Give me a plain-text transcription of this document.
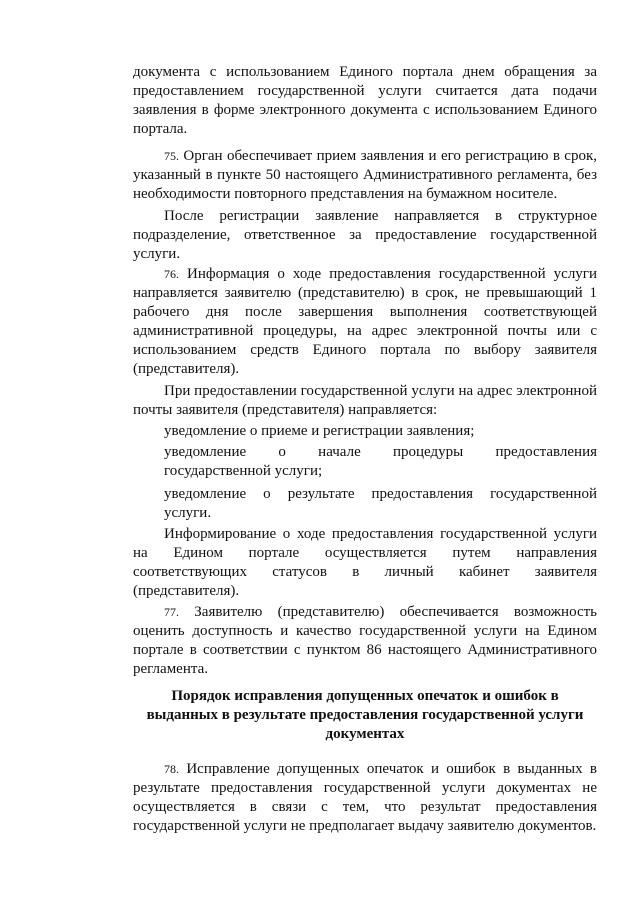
документа с использованием Единого портала днем обращения за
предоставлением государственной услуги считается дата подачи
заявления в форме электронного документа с использованием Единого
портала.
75. Орган обеспечивает прием заявления и его регистрацию в срок,
указанный в пункте 50 настоящего Административного регламента, без
необходимости повторного представления на бумажном носителе.
После регистрации заявление направляется в структурное
подразделение, ответственное за предоставление государственной
услуги.
76. Информация о ходе предоставления государственной услуги
направляется заявителю (представителю) в срок, не превышающий 1
рабочего дня после завершения выполнения соответствующей
административной процедуры, на адрес электронной почты или с
использованием средств Единого портала по выбору заявителя
(представителя).
При предоставлении государственной услуги на адрес электронной
почты заявителя (представителя) направляется:
уведомление о приеме и регистрации заявления;
уведомление о начале процедуры предоставления
государственной услуги;
уведомление о результате предоставления государственной
услуги.
Информирование о ходе предоставления государственной услуги
на Едином портале осуществляется путем направления
соответствующих статусов в личный кабинет заявителя
(представителя).
77. Заявителю (представителю) обеспечивается возможность
оценить доступность и качество государственной услуги на Едином
портале в соответствии с пунктом 86 настоящего Административного
регламента.
Порядок исправления допущенных опечаток и ошибок в
выданных в результате предоставления государственной услуги
документах
78. Исправление допущенных опечаток и ошибок в выданных в
результате предоставления государственной услуги документах не
осуществляется в связи с тем, что результат предоставления
государственной услуги не предполагает выдачу заявителю документов.
